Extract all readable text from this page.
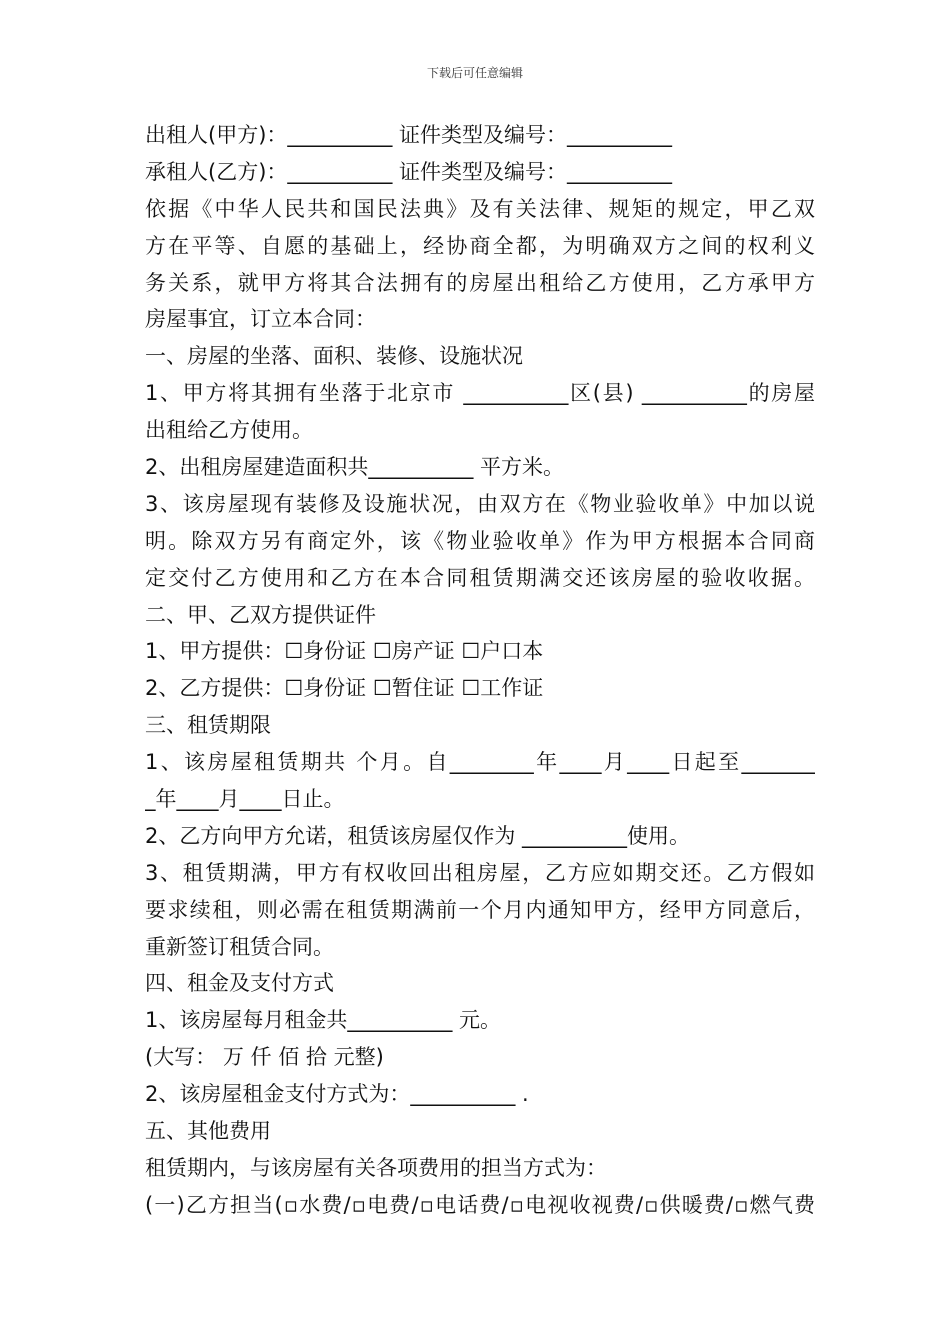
下载后可任意编辑
出租人(甲方)：__________ 证件类型及编号：__________
承租人(乙方)：__________ 证件类型及编号：__________
依据《中华人民共和国民法典》及有关法律、规矩的规定，甲乙双
方在平等、自愿的基础上，经协商全都，为明确双方之间的权利义
务关系，就甲方将其合法拥有的房屋出租给乙方使用，乙方承甲方
房屋事宜，订立本合同：
一、房屋的坐落、面积、装修、设施状况
1、甲方将其拥有坐落于北京市 __________区(县) __________的房屋
出租给乙方使用。
2、出租房屋建造面积共__________ 平方米。
3、该房屋现有装修及设施状况，由双方在《物业验收单》中加以说
明。除双方另有商定外，该《物业验收单》作为甲方根据本合同商
定交付乙方使用和乙方在本合同租赁期满交还该房屋的验收收据。
二、甲、乙双方提供证件
1、甲方提供：☐身份证 ☐房产证 ☐户口本
2、乙方提供：☐身份证 ☐暂住证 ☐工作证
三、租赁期限
1、该房屋租赁期共 个月。自________年____月____日起至_______
_年____月____日止。
2、乙方向甲方允诺，租赁该房屋仅作为 __________使用。
3、租赁期满，甲方有权收回出租房屋，乙方应如期交还。乙方假如
要求续租，则必需在租赁期满前一个月内通知甲方，经甲方同意后，
重新签订租赁合同。
四、租金及支付方式
1、该房屋每月租金共__________ 元。
(大写： 万 仟 佰 拾 元整)
2、该房屋租金支付方式为：__________ .
五、其他费用
租赁期内，与该房屋有关各项费用的担当方式为：
(一)乙方担当(▫水费/▫电费/▫电话费/▫电视收视费/▫供暖费/▫燃气费
